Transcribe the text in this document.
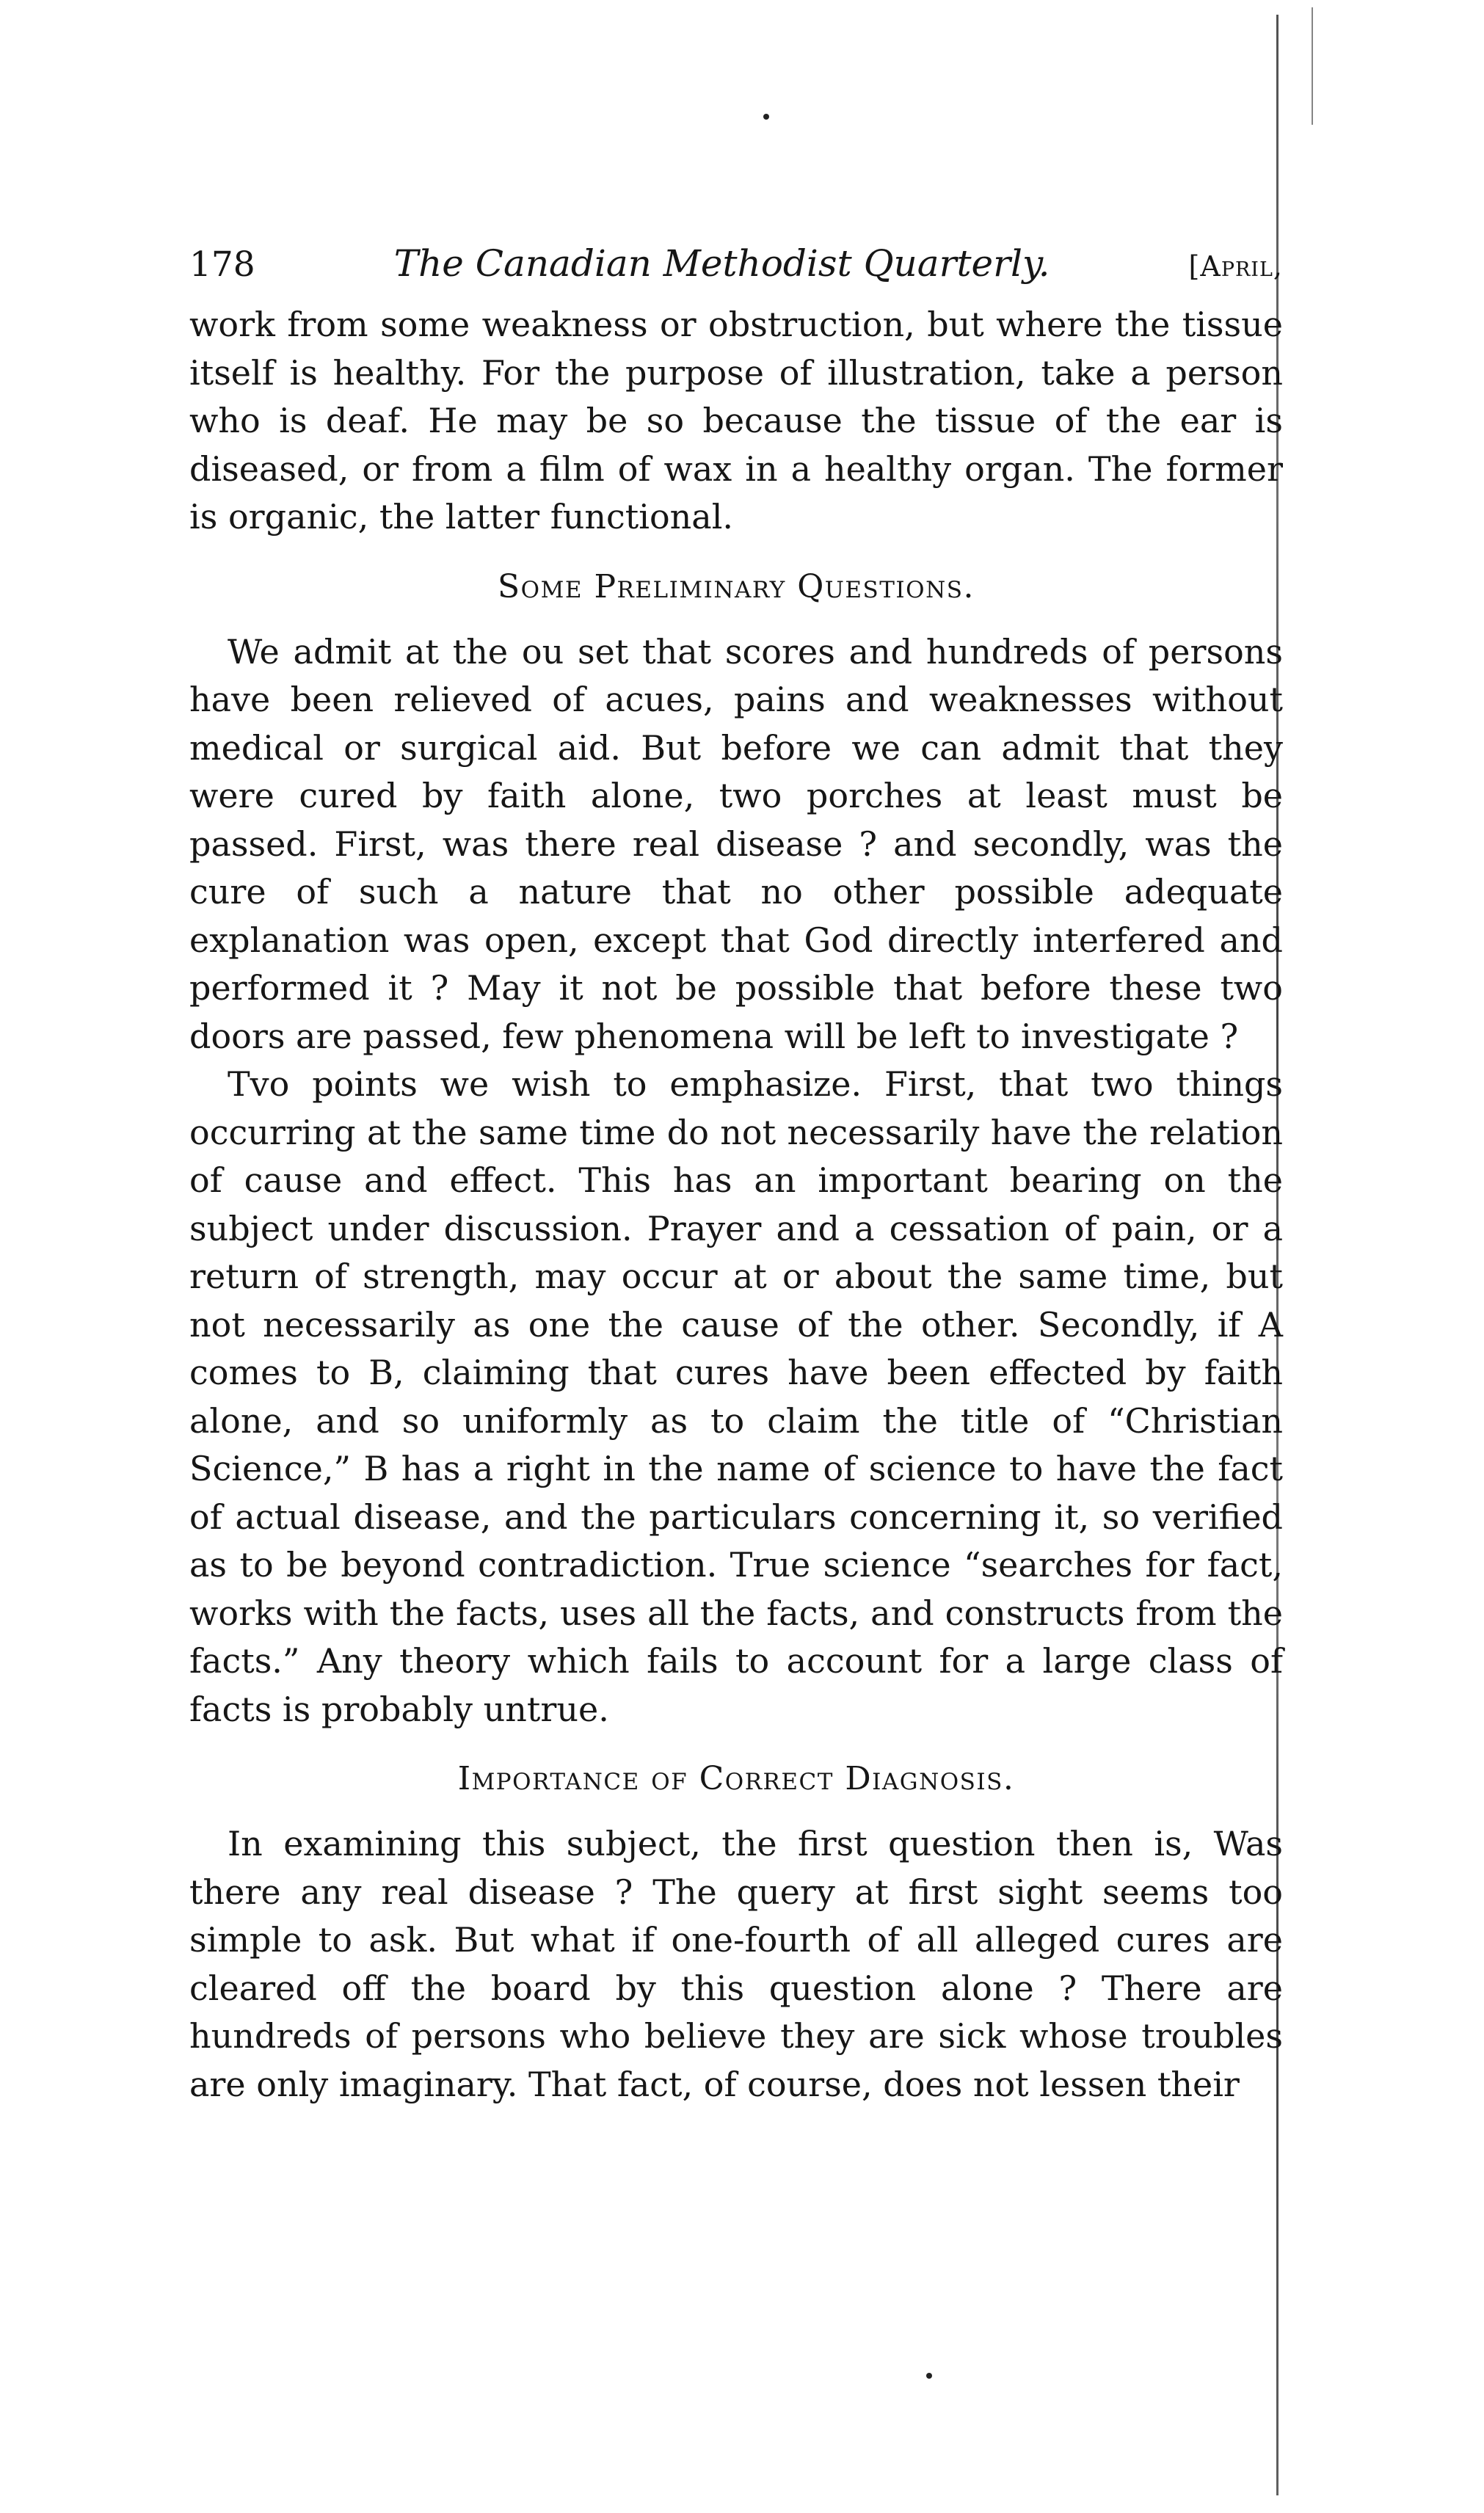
178	The Canadian Methodist Quarterly.	[April,

work from some weakness or obstruction, but where the tissue itself is healthy. For the purpose of illustration, take a person who is deaf. He may be so because the tissue of the ear is diseased, or from a film of wax in a healthy organ. The former is organic, the latter functional.

Some Preliminary Questions.

We admit at the ou set that scores and hundreds of persons have been relieved of acues, pains and weaknesses without medical or surgical aid. But before we can admit that they were cured by faith alone, two porches at least must be passed. First, was there real disease ? and secondly, was the cure of such a nature that no other possible adequate explanation was open, except that God directly interfered and performed it ? May it not be possible that before these two doors are passed, few phenomena will be left to investigate ?

Tvo points we wish to emphasize. First, that two things occurring at the same time do not necessarily have the relation of cause and effect. This has an important bearing on the subject under discussion. Prayer and a cessation of pain, or a return of strength, may occur at or about the same time, but not necessarily as one the cause of the other. Secondly, if A comes to B, claiming that cures have been effected by faith alone, and so uniformly as to claim the title of “Christian Science,” B has a right in the name of science to have the fact of actual disease, and the particulars concerning it, so verified as to be beyond contradiction. True science “searches for fact, works with the facts, uses all the facts, and constructs from the facts.” Any theory which fails to account for a large class of facts is probably untrue.

Importance of Correct Diagnosis.

In examining this subject, the first question then is, Was there any real disease ? The query at first sight seems too simple to ask. But what if one-fourth of all alleged cures are cleared off the board by this question alone ? There are hundreds of persons who believe they are sick whose troubles are only imaginary. That fact, of course, does not lessen their
